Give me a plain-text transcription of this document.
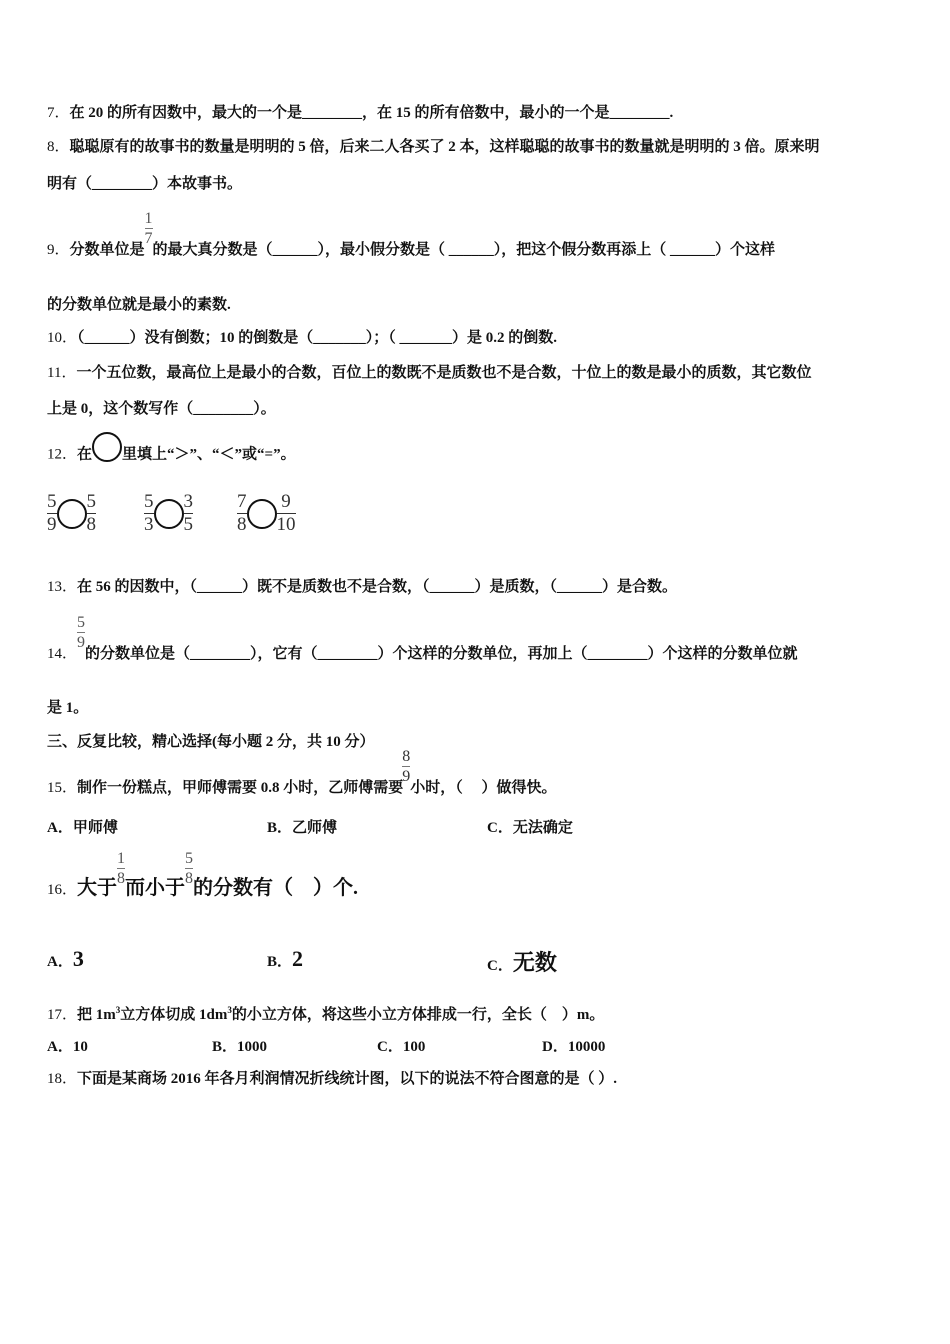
7．在 20 的所有因数中，最大的一个是________，在 15 的所有倍数中，最小的一个是________.
8．聪聪原有的故事书的数量是明明的 5 倍，后来二人各买了 2 本，这样聪聪的故事书的数量就是明明的 3 倍。原来明
明有（________）本故事书。
9．分数单位是
$\frac{1}{7}$
的最大真分数是（______），最小假分数是（ ______），把这个假分数再添上（ ______）个这样
的分数单位就是最小的素数.
10．（______）没有倒数；10 的倒数是（_______）；（ _______）是 0.2 的倒数.
11．一个五位数，最高位上是最小的合数，百位上的数既不是质数也不是合数，十位上的数是最小的质数，其它数位
上是 0，这个数写作（________）。
12．在 里填上“＞”、“＜”或“=”。
$\frac{5}{9} \frac{5}{8}$	$\frac{5}{3} \frac{3}{5} \frac{7}{8} \frac{9}{10}$
13．在 56 的因数中，（______）既不是质数也不是合数，（______）是质数，（______）是合数。
14．
$\frac{5}{9}$
的分数单位是（________），它有（________）个这样的分数单位，再加上（________）个这样的分数单位就
是 1。
三、反复比较，精心选择(每小题 2 分，共 10 分）
15．制作一份糕点，甲师傅需要 0.8 小时，乙师傅需要
$\frac{8}{9}$
小时，（　 ）做得快。
A．甲师傅	B．乙师傅	C．无法确定
16．大于
$\frac{1}{8}$
而小于
$\frac{5}{8}$
的分数有（　）个.
A．3	B．2	C．无数
17．把 $1m^3$立方体切成 $1dm^3$的小立方体，将这些小立方体排成一行，全长（　）m。
A．10	B．1000	C．100	D．10000
18．下面是某商场 2016 年各月利润情况折线统计图，以下的说法不符合图意的是（ ）.
